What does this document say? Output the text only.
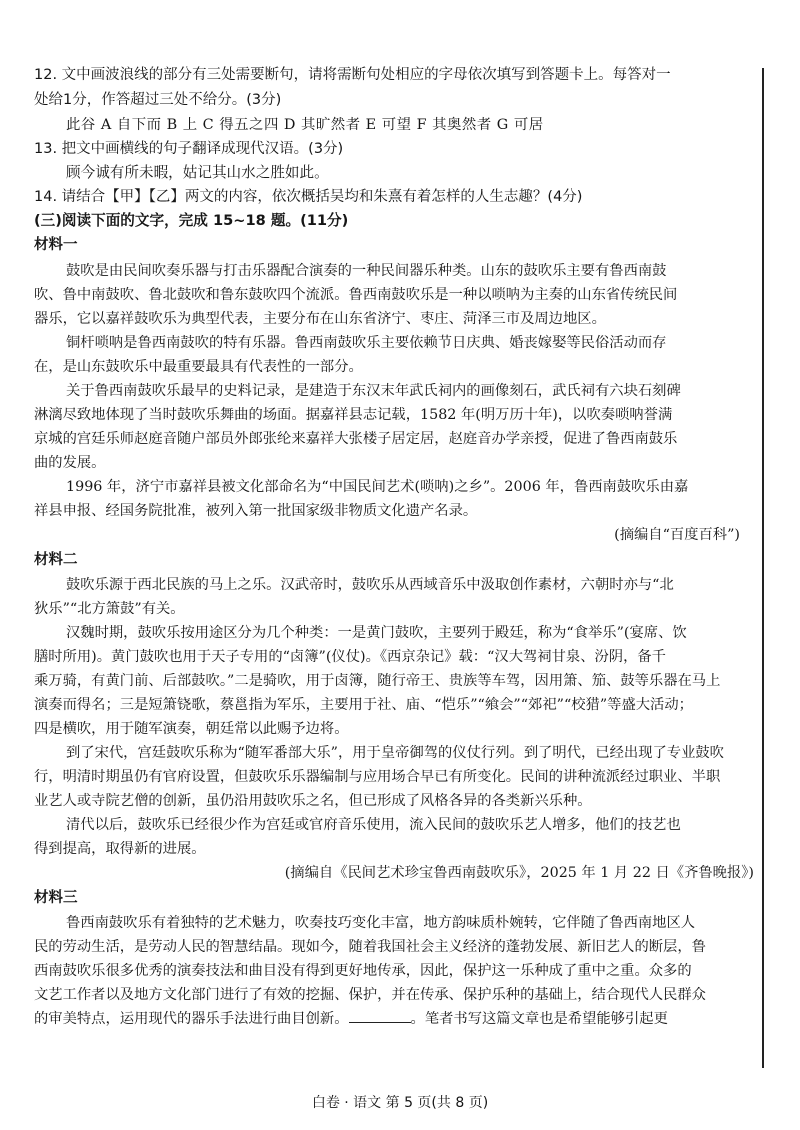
12. 文中画波浪线的部分有三处需要断句，请将需断句处相应的字母依次填写到答题卡上。每答对一
处给1分，作答超过三处不给分。(3分)
此谷 A 自下而 B 上 C 得五之四 D 其旷然者 E 可望 F 其奥然者 G 可居
13. 把文中画横线的句子翻译成现代汉语。(3分)
顾今诚有所未暇，姑记其山水之胜如此。
14. 请结合【甲】【乙】两文的内容，依次概括吴均和朱熹有着怎样的人生志趣？(4分)
(三)阅读下面的文字，完成 15~18 题。(11分)
材料一
鼓吹是由民间吹奏乐器与打击乐器配合演奏的一种民间器乐种类。山东的鼓吹乐主要有鲁西南鼓
吹、鲁中南鼓吹、鲁北鼓吹和鲁东鼓吹四个流派。鲁西南鼓吹乐是一种以唢呐为主奏的山东省传统民间
器乐，它以嘉祥鼓吹乐为典型代表，主要分布在山东省济宁、枣庄、菏泽三市及周边地区。
铜杆唢呐是鲁西南鼓吹的特有乐器。鲁西南鼓吹乐主要依赖节日庆典、婚丧嫁娶等民俗活动而存
在，是山东鼓吹乐中最重要最具有代表性的一部分。
关于鲁西南鼓吹乐最早的史料记录，是建造于东汉末年武氏祠内的画像刻石，武氏祠有六块石刻碑
淋漓尽致地体现了当时鼓吹乐舞曲的场面。据嘉祥县志记载，1582 年(明万历十年)，以吹奏唢呐誉满
京城的宫廷乐师赵庭音随户部员外郎张纶来嘉祥大张楼子居定居，赵庭音办学亲授，促进了鲁西南鼓乐
曲的发展。
1996 年，济宁市嘉祥县被文化部命名为“中国民间艺术(唢呐)之乡”。2006 年，鲁西南鼓吹乐由嘉
祥县申报、经国务院批准，被列入第一批国家级非物质文化遗产名录。
(摘编自“百度百科”)
材料二
鼓吹乐源于西北民族的马上之乐。汉武帝时，鼓吹乐从西域音乐中汲取创作素材，六朝时亦与“北
狄乐”“北方箫鼓”有关。
汉魏时期，鼓吹乐按用途区分为几个种类：一是黄门鼓吹，主要列于殿廷，称为“食举乐”(宴席、饮
膳时所用)。黄门鼓吹也用于天子专用的“卤簿”(仪仗)。《西京杂记》载：“汉大驾祠甘泉、汾阴，备千
乘万骑，有黄门前、后部鼓吹。”二是骑吹，用于卤簿，随行帝王、贵族等车驾，因用箫、笳、鼓等乐器在马上
演奏而得名；三是短箫铙歌，蔡邕指为军乐，主要用于社、庙、“恺乐”“飨会”“郊祀”“校猎”等盛大活动；
四是横吹，用于随军演奏，朝廷常以此赐予边将。
到了宋代，宫廷鼓吹乐称为“随军番部大乐”，用于皇帝御驾的仪仗行列。到了明代，已经出现了专业鼓吹
行，明清时期虽仍有官府设置，但鼓吹乐乐器编制与应用场合早已有所变化。民间的讲种流派经过职业、半职
业艺人或寺院艺僧的创新，虽仍沿用鼓吹乐之名，但已形成了风格各异的各类新兴乐种。
清代以后，鼓吹乐已经很少作为宫廷或官府音乐使用，流入民间的鼓吹乐艺人增多，他们的技艺也
得到提高，取得新的进展。
(摘编自《民间艺术珍宝鲁西南鼓吹乐》，2025 年 1 月 22 日《齐鲁晚报》)
材料三
鲁西南鼓吹乐有着独特的艺术魅力，吹奏技巧变化丰富，地方韵味质朴婉转，它伴随了鲁西南地区人
民的劳动生活，是劳动人民的智慧结晶。现如今，随着我国社会主义经济的蓬勃发展、新旧艺人的断层，鲁
西南鼓吹乐很多优秀的演奏技法和曲目没有得到更好地传承，因此，保护这一乐种成了重中之重。众多的
文艺工作者以及地方文化部门进行了有效的挖掘、保护，并在传承、保护乐种的基础上，结合现代人民群众
的审美特点，运用现代的器乐手法进行曲目创新。	。笔者书写这篇文章也是希望能够引起更
白卷 · 语文 第 5 页(共 8 页)
